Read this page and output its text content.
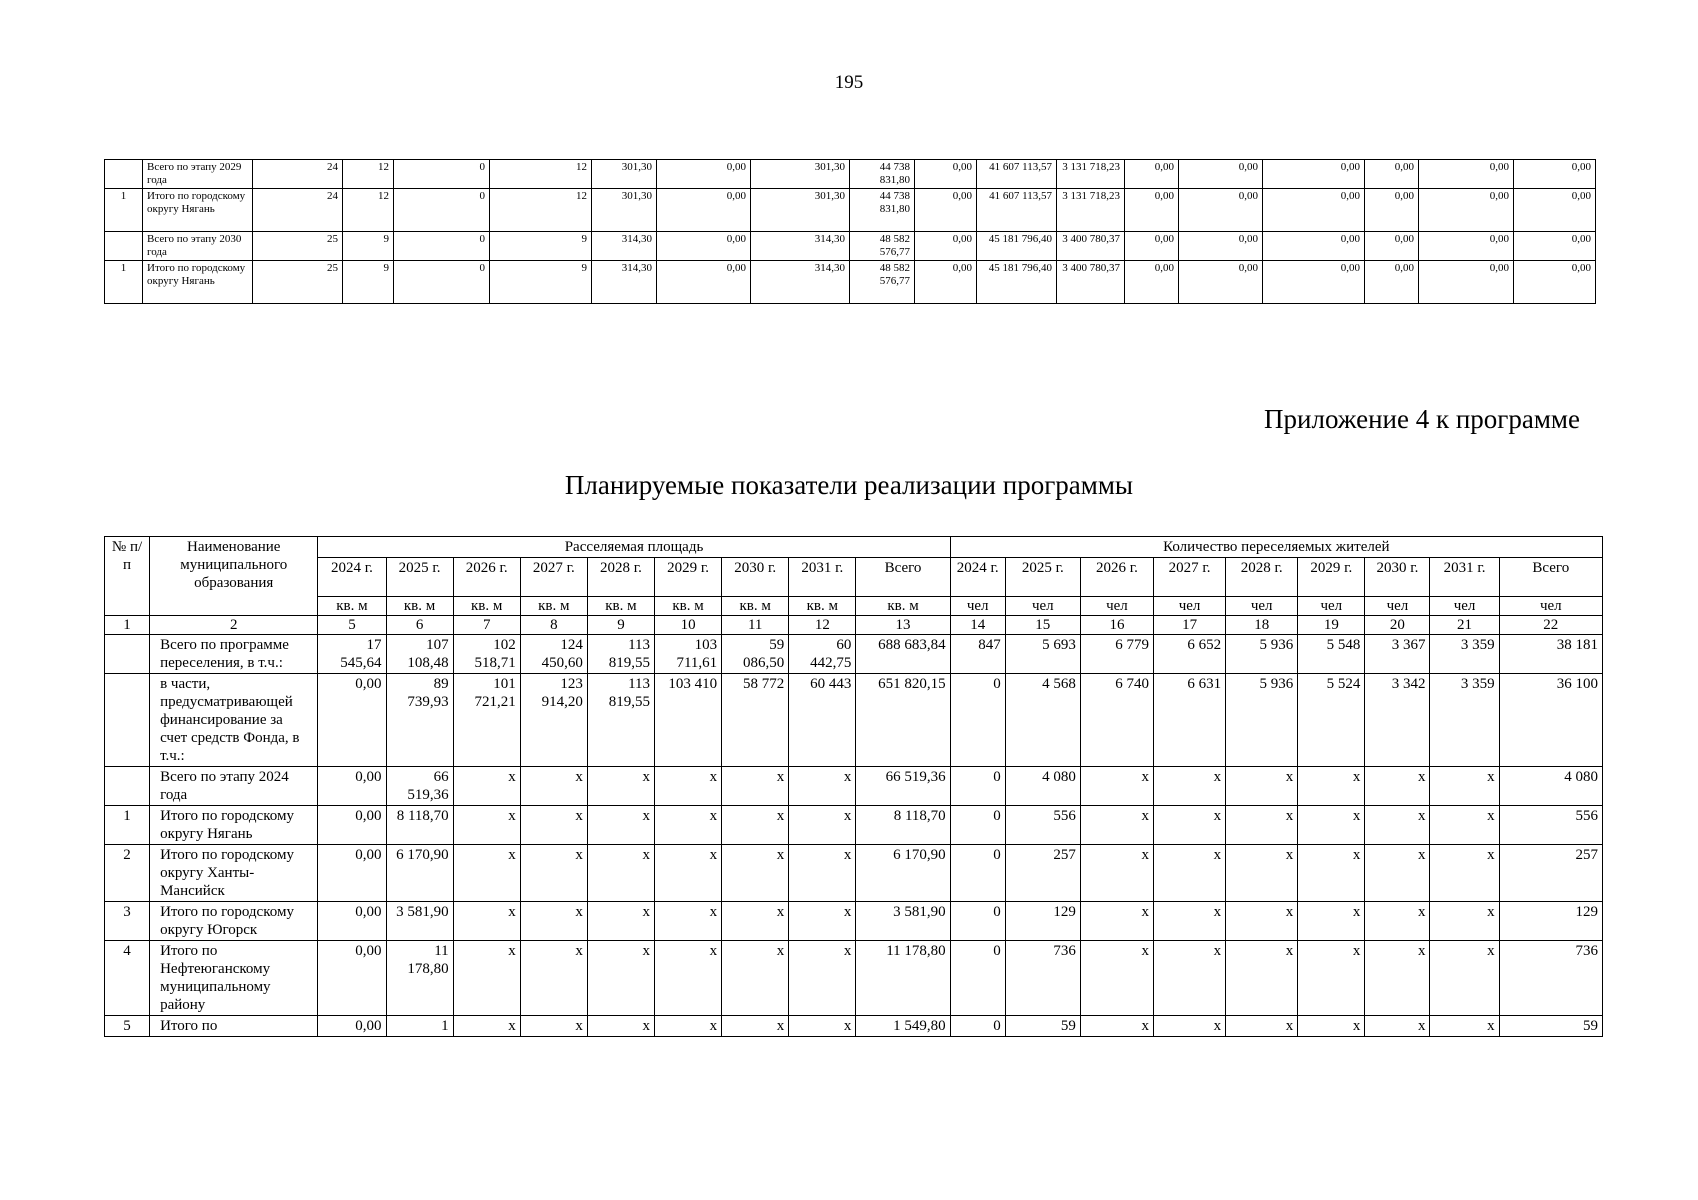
195
	Всего по этапу 2029 года	24	12	0	12	301,30	0,00	301,30	44 738 831,80	0,00	41 607 113,57	3 131 718,23	0,00	0,00	0,00	0,00	0,00	0,00
1	Итого по городскому округу Нягань	24	12	0	12	301,30	0,00	301,30	44 738 831,80	0,00	41 607 113,57	3 131 718,23	0,00	0,00	0,00	0,00	0,00	0,00
	Всего по этапу 2030 года	25	9	0	9	314,30	0,00	314,30	48 582 576,77	0,00	45 181 796,40	3 400 780,37	0,00	0,00	0,00	0,00	0,00	0,00
1	Итого по городскому округу Нягань	25	9	0	9	314,30	0,00	314,30	48 582 576,77	0,00	45 181 796,40	3 400 780,37	0,00	0,00	0,00	0,00	0,00	0,00
Приложение 4 к программе
Планируемые показатели реализации программы
№ п/п	Наименование муниципального образования	Расселяемая площадь									Количество переселяемых жителей								
		2024 г.	2025 г.	2026 г.	2027 г.	2028 г.	2029 г.	2030 г.	2031 г.	Всего	2024 г.	2025 г.	2026 г.	2027 г.	2028 г.	2029 г.	2030 г.	2031 г.	Всего
		кв. м	кв. м	кв. м	кв. м	кв. м	кв. м	кв. м	кв. м	кв. м	чел	чел	чел	чел	чел	чел	чел	чел	чел
1	2	5	6	7	8	9	10	11	12	13	14	15	16	17	18	19	20	21	22
	Всего по программе переселения, в т.ч.:	17 545,64	107 108,48	102 518,71	124 450,60	113 819,55	103 711,61	59 086,50	60 442,75	688 683,84	847	5 693	6 779	6 652	5 936	5 548	3 367	3 359	38 181
	в части, предусматривающей финансирование за счет средств Фонда, в т.ч.:	0,00	89 739,93	101 721,21	123 914,20	113 819,55	103 410	58 772	60 443	651 820,15	0	4 568	6 740	6 631	5 936	5 524	3 342	3 359	36 100
	Всего по этапу 2024 года	0,00	66 519,36	х	х	х	х	х	х	66 519,36	0	4 080	х	х	х	х	х	х	4 080
1	Итого по городскому округу Нягань	0,00	8 118,70	х	х	х	х	х	х	8 118,70	0	556	х	х	х	х	х	х	556
2	Итого по городскому округу Ханты-Мансийск	0,00	6 170,90	х	х	х	х	х	х	6 170,90	0	257	х	х	х	х	х	х	257
3	Итого по городскому округу Югорск	0,00	3 581,90	х	х	х	х	х	х	3 581,90	0	129	х	х	х	х	х	х	129
4	Итого по Нефтеюганскому муниципальному району	0,00	11 178,80	х	х	х	х	х	х	11 178,80	0	736	х	х	х	х	х	х	736
5	Итого по	0,00	1	х	х	х	х	х	х	1 549,80	0	59	х	х	х	х	х	х	59
